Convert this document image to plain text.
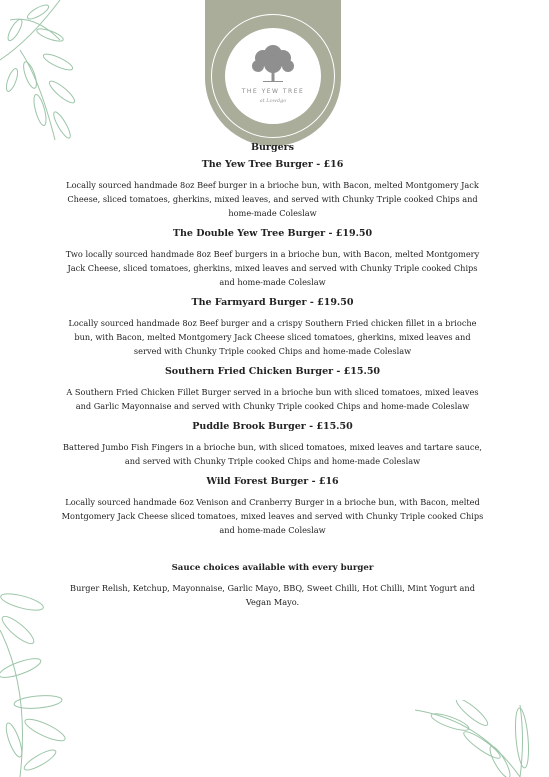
THE YEW TREE
at Lowdgo
Burgers
The Yew Tree Burger - £16
Locally sourced handmade 8oz Beef burger in a brioche bun, with Bacon, melted Montgomery Jack Cheese, sliced tomatoes, gherkins, mixed leaves, and served with Chunky Triple cooked Chips and home-made Coleslaw
The Double Yew Tree Burger - £19.50
Two locally sourced handmade 8oz Beef burgers in a brioche bun, with Bacon, melted Montgomery Jack Cheese, sliced tomatoes, gherkins, mixed leaves and served with Chunky Triple cooked Chips and home-made Coleslaw
The Farmyard Burger - £19.50
Locally sourced handmade 8oz Beef burger and a crispy Southern Fried chicken fillet in a brioche bun, with Bacon, melted Montgomery Jack Cheese sliced tomatoes, gherkins, mixed leaves and served with Chunky Triple cooked Chips and home-made Coleslaw
Southern Fried Chicken Burger - £15.50
A Southern Fried Chicken Fillet Burger served in a brioche bun with sliced tomatoes, mixed leaves and Garlic Mayonnaise and served with Chunky Triple cooked Chips and home-made Coleslaw
Puddle Brook Burger - £15.50
Battered Jumbo Fish Fingers in a brioche bun, with sliced tomatoes, mixed leaves and tartare sauce, and served with Chunky Triple cooked Chips and home-made Coleslaw
Wild Forest Burger - £16
Locally sourced handmade 6oz Venison and Cranberry Burger in a brioche bun, with Bacon, melted Montgomery Jack Cheese sliced tomatoes, mixed leaves and served with Chunky Triple cooked Chips and home-made Coleslaw
Sauce choices available with every burger
Burger Relish, Ketchup, Mayonnaise, Garlic Mayo, BBQ, Sweet Chilli, Hot Chilli, Mint Yogurt and Vegan Mayo.
